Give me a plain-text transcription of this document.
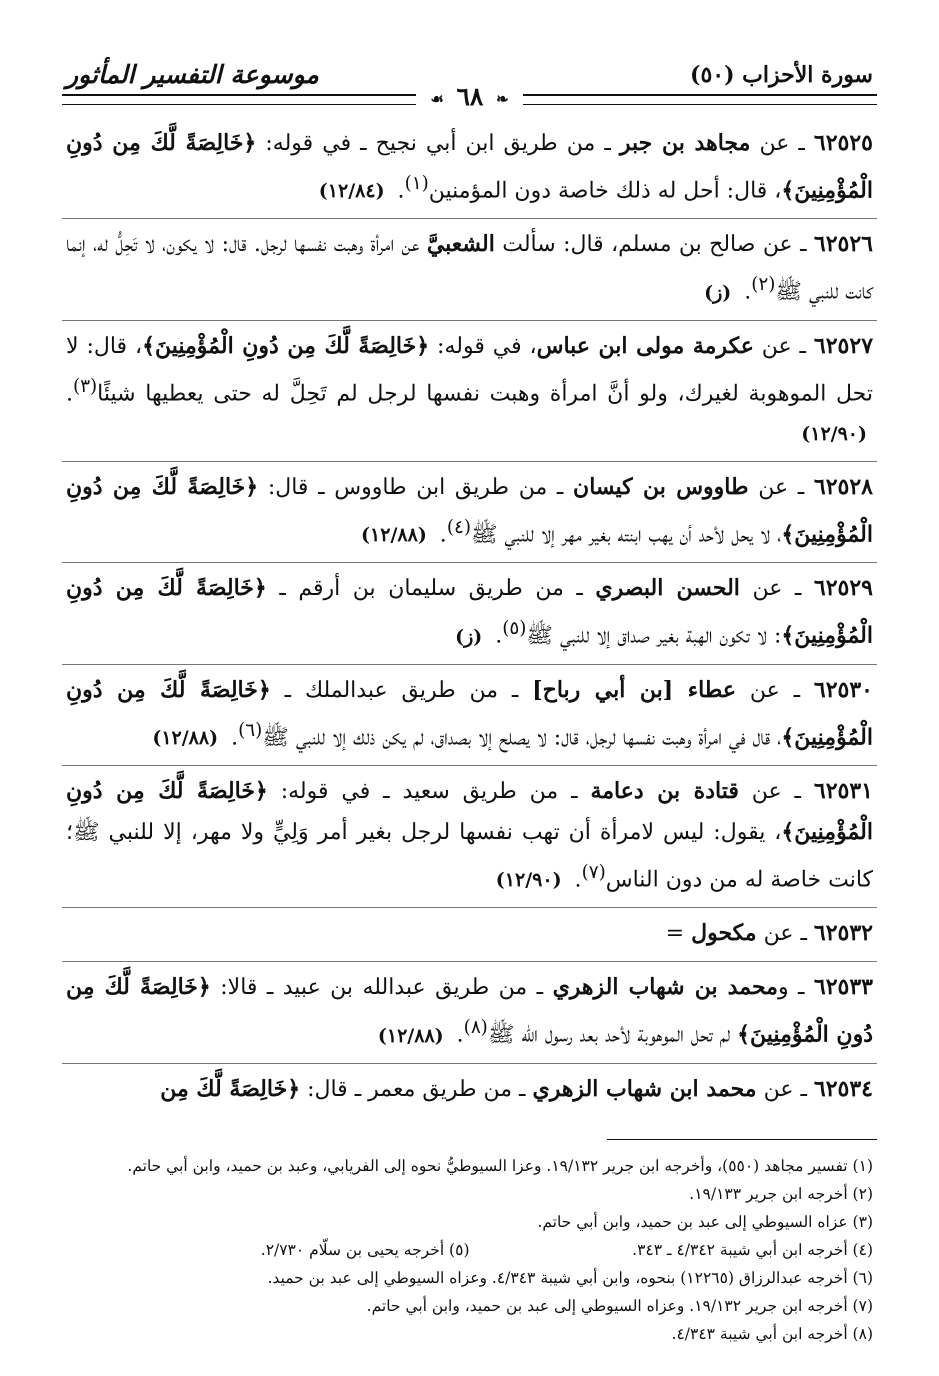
موسوعة التفسير المأثور	سورة الأحزاب (٥٠)
❧ ٦٨ ☙
٦٢٥٢٥ ـ عن مجاهد بن جبر ـ من طريق ابن أبي نجيح ـ في قوله: ﴿خَالِصَةً لَّكَ مِن دُونِ الْمُؤْمِنِينَ﴾، قال: أحل له ذلك خاصة دون المؤمنين$^{(١)}$. (١٢/٨٤)
٦٢٥٢٦ ـ عن صالح بن مسلم، قال: سألت الشعبيَّ عن امرأة وهبت نفسها لرجل. قال: لا يكون، لا تَحِلُّ له، إنما كانت للنبي ﷺ$^{(٢)}$. (ز)
٦٢٥٢٧ ـ عن عكرمة مولى ابن عباس، في قوله: ﴿خَالِصَةً لَّكَ مِن دُونِ الْمُؤْمِنِينَ﴾، قال: لا تحل الموهوبة لغيرك، ولو أنَّ امرأة وهبت نفسها لرجل لم تَحِلَّ له حتى يعطيها شيئًا$^{(٣)}$. (١٢/٩٠)
٦٢٥٢٨ ـ عن طاووس بن كيسان ـ من طريق ابن طاووس ـ قال: ﴿خَالِصَةً لَّكَ مِن دُونِ الْمُؤْمِنِينَ﴾، لا يحل لأحد أن يهب ابنته بغير مهر إلا للنبي ﷺ$^{(٤)}$. (١٢/٨٨)
٦٢٥٢٩ ـ عن الحسن البصري ـ من طريق سليمان بن أرقم ـ ﴿خَالِصَةً لَّكَ مِن دُونِ الْمُؤْمِنِينَ﴾: لا تكون الهبة بغير صداق إلا للنبي ﷺ$^{(٥)}$. (ز)
٦٢٥٣٠ ـ عن عطاء [بن أبي رباح] ـ من طريق عبدالملك ـ ﴿خَالِصَةً لَّكَ مِن دُونِ الْمُؤْمِنِينَ﴾، قال في امرأة وهبت نفسها لرجل، قال: لا يصلح إلا بصداق، لم يكن ذلك إلا للنبي ﷺ$^{(٦)}$. (١٢/٨٨)
٦٢٥٣١ ـ عن قتادة بن دعامة ـ من طريق سعيد ـ في قوله: ﴿خَالِصَةً لَّكَ مِن دُونِ الْمُؤْمِنِينَ﴾، يقول: ليس لامرأة أن تهب نفسها لرجل بغير أمر وَلِيٍّ ولا مهر، إلا للنبي ﷺ؛ كانت خاصة له من دون الناس$^{(٧)}$. (١٢/٩٠)
٦٢٥٣٢ ـ عن مكحول =
٦٢٥٣٣ ـ ومحمد بن شهاب الزهري ـ من طريق عبدالله بن عبيد ـ قالا: ﴿خَالِصَةً لَّكَ مِن دُونِ الْمُؤْمِنِينَ﴾ لم تحل الموهوبة لأحد بعد رسول الله ﷺ$^{(٨)}$. (١٢/٨٨)
٦٢٥٣٤ ـ عن محمد ابن شهاب الزهري ـ من طريق معمر ـ قال: ﴿خَالِصَةً لَّكَ مِن
(١) تفسير مجاهد (٥٥٠)، وأخرجه ابن جرير ١٩/١٣٢. وعزا السيوطيُّ نحوه إلى الفريابي، وعبد بن حميد، وابن أبي حاتم.
(٢) أخرجه ابن جرير ١٩/١٣٣.
(٣) عزاه السيوطي إلى عبد بن حميد، وابن أبي حاتم.
(٤) أخرجه ابن أبي شيبة ٤/٣٤٢ ـ ٣٤٣.
(٥) أخرجه يحيى بن سلّام ٢/٧٣٠.
(٦) أخرجه عبدالرزاق (١٢٢٦٥) بنحوه، وابن أبي شيبة ٤/٣٤٣. وعزاه السيوطي إلى عبد بن حميد.
(٧) أخرجه ابن جرير ١٩/١٣٢. وعزاه السيوطي إلى عبد بن حميد، وابن أبي حاتم.
(٨) أخرجه ابن أبي شيبة ٤/٣٤٣.
